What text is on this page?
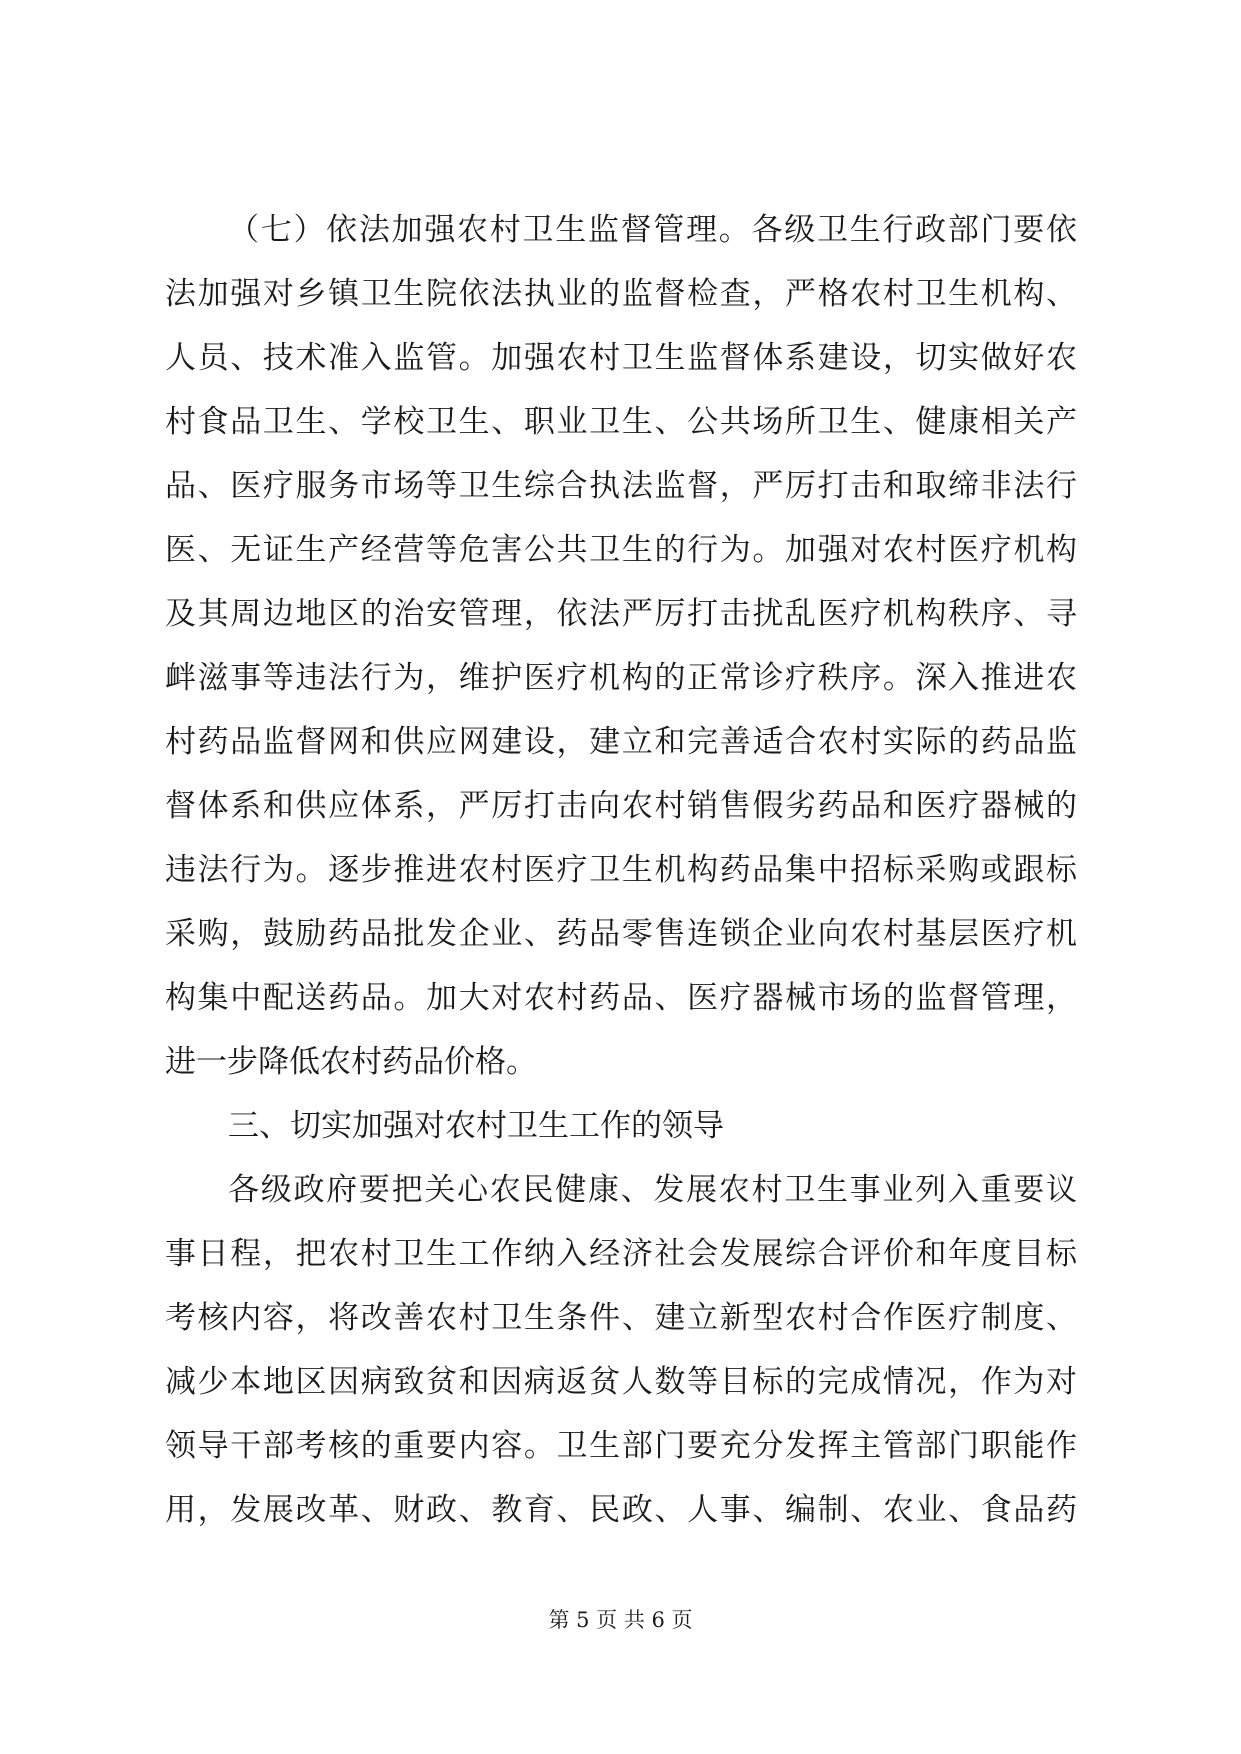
（七）依法加强农村卫生监督管理。各级卫生行政部门要依
法加强对乡镇卫生院依法执业的监督检查，严格农村卫生机构、
人员、技术准入监管。加强农村卫生监督体系建设，切实做好农
村食品卫生、学校卫生、职业卫生、公共场所卫生、健康相关产
品、医疗服务市场等卫生综合执法监督，严厉打击和取缔非法行
医、无证生产经营等危害公共卫生的行为。加强对农村医疗机构
及其周边地区的治安管理，依法严厉打击扰乱医疗机构秩序、寻
衅滋事等违法行为，维护医疗机构的正常诊疗秩序。深入推进农
村药品监督网和供应网建设，建立和完善适合农村实际的药品监
督体系和供应体系，严厉打击向农村销售假劣药品和医疗器械的
违法行为。逐步推进农村医疗卫生机构药品集中招标采购或跟标
采购，鼓励药品批发企业、药品零售连锁企业向农村基层医疗机
构集中配送药品。加大对农村药品、医疗器械市场的监督管理，
进一步降低农村药品价格。
三、切实加强对农村卫生工作的领导
各级政府要把关心农民健康、发展农村卫生事业列入重要议
事日程，把农村卫生工作纳入经济社会发展综合评价和年度目标
考核内容，将改善农村卫生条件、建立新型农村合作医疗制度、
减少本地区因病致贫和因病返贫人数等目标的完成情况，作为对
领导干部考核的重要内容。卫生部门要充分发挥主管部门职能作
用，发展改革、财政、教育、民政、人事、编制、农业、食品药
第 5 页 共 6 页
